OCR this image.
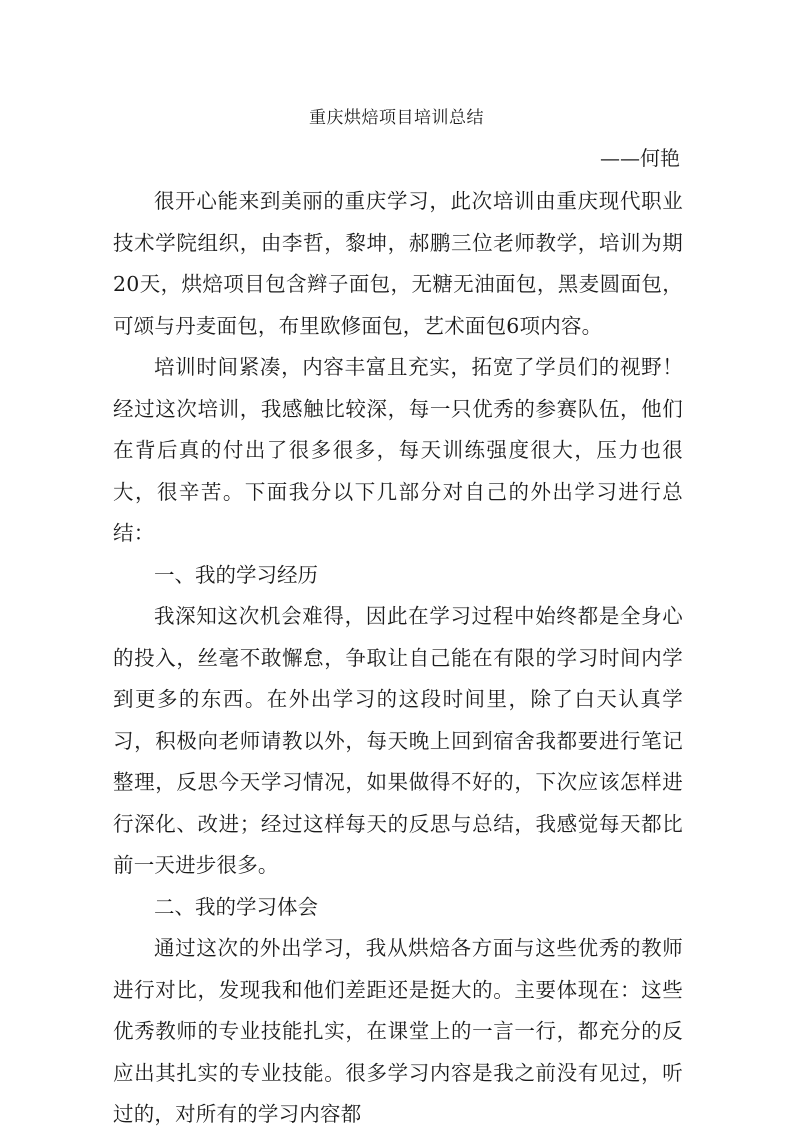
重庆烘焙项目培训总结
——何艳

很开心能来到美丽的重庆学习，此次培训由重庆现代职业技术学院组织，由李哲，黎坤，郝鹏三位老师教学，培训为期20天，烘焙项目包含辫子面包，无糖无油面包，黑麦圆面包，可颂与丹麦面包，布里欧修面包，艺术面包6项内容。

培训时间紧凑，内容丰富且充实，拓宽了学员们的视野！经过这次培训，我感触比较深，每一只优秀的参赛队伍，他们在背后真的付出了很多很多，每天训练强度很大，压力也很大，很辛苦。下面我分以下几部分对自己的外出学习进行总结：

一、我的学习经历

我深知这次机会难得，因此在学习过程中始终都是全身心的投入，丝毫不敢懈怠，争取让自己能在有限的学习时间内学到更多的东西。在外出学习的这段时间里，除了白天认真学习，积极向老师请教以外，每天晚上回到宿舍我都要进行笔记整理，反思今天学习情况，如果做得不好的，下次应该怎样进行深化、改进；经过这样每天的反思与总结，我感觉每天都比前一天进步很多。

二、我的学习体会

通过这次的外出学习，我从烘焙各方面与这些优秀的教师进行对比，发现我和他们差距还是挺大的。主要体现在：这些优秀教师的专业技能扎实，在课堂上的一言一行，都充分的反应出其扎实的专业技能。很多学习内容是我之前没有见过，听过的，对所有的学习内容都
